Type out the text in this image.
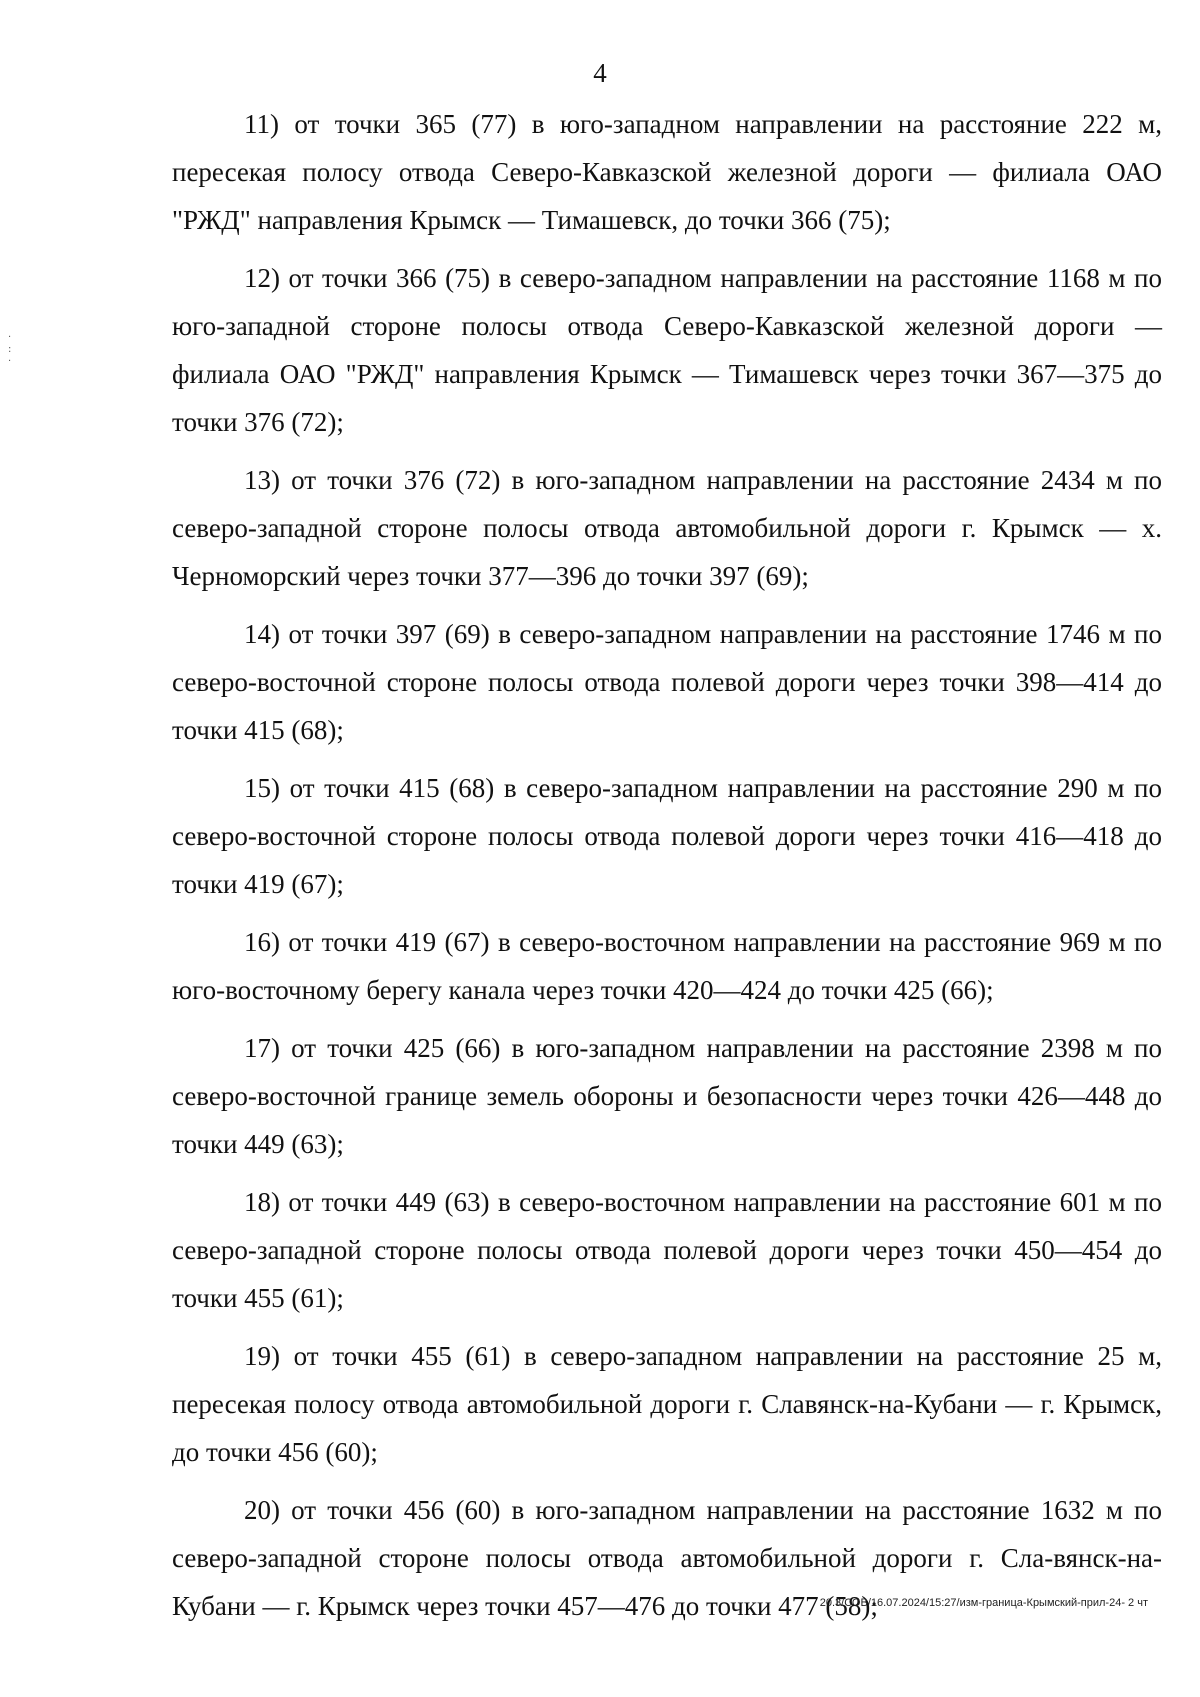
4
·
:
·

11) от точки 365 (77) в юго-западном направлении на расстояние 222 м, пересекая полосу отвода Северо-Кавказской железной дороги — филиала ОАО "РЖД" направления Крымск — Тимашевск, до точки 366 (75);

12) от точки 366 (75) в северо-западном направлении на расстояние 1168 м по юго-западной стороне полосы отвода Северо-Кавказской железной дороги — филиала ОАО "РЖД" направления Крымск — Тимашевск через точки 367—375 до точки 376 (72);

13) от точки 376 (72) в юго-западном направлении на расстояние 2434 м по северо-западной стороне полосы отвода автомобильной дороги г. Крымск — х. Черноморский через точки 377—396 до точки 397 (69);

14) от точки 397 (69) в северо-западном направлении на расстояние 1746 м по северо-восточной стороне полосы отвода полевой дороги через точки 398—414 до точки 415 (68);

15) от точки 415 (68) в северо-западном направлении на расстояние 290 м по северо-восточной стороне полосы отвода полевой дороги через точки 416—418 до точки 419 (67);

16) от точки 419 (67) в северо-восточном направлении на расстояние 969 м по юго-восточному берегу канала через точки 420—424 до точки 425 (66);

17) от точки 425 (66) в юго-западном направлении на расстояние 2398 м по северо-восточной границе земель обороны и безопасности через точки 426—448 до точки 449 (63);

18) от точки 449 (63) в северо-восточном направлении на расстояние 601 м по северо-западной стороне полосы отвода полевой дороги через точки 450—454 до точки 455 (61);

19) от точки 455 (61) в северо-западном направлении на расстояние 25 м, пересекая полосу отвода автомобильной дороги г. Славянск-на-Кубани — г. Крымск, до точки 456 (60);

20) от точки 456 (60) в юго-западном направлении на расстояние 1632 м по северо-западной стороне полосы отвода автомобильной дороги г. Сла-вянск-на-Кубани — г. Крымск через точки 457—476 до точки 477 (58);

20.3/СОВ/16.07.2024/15:27/изм-граница-Крымский-прил-24- 2 чт
